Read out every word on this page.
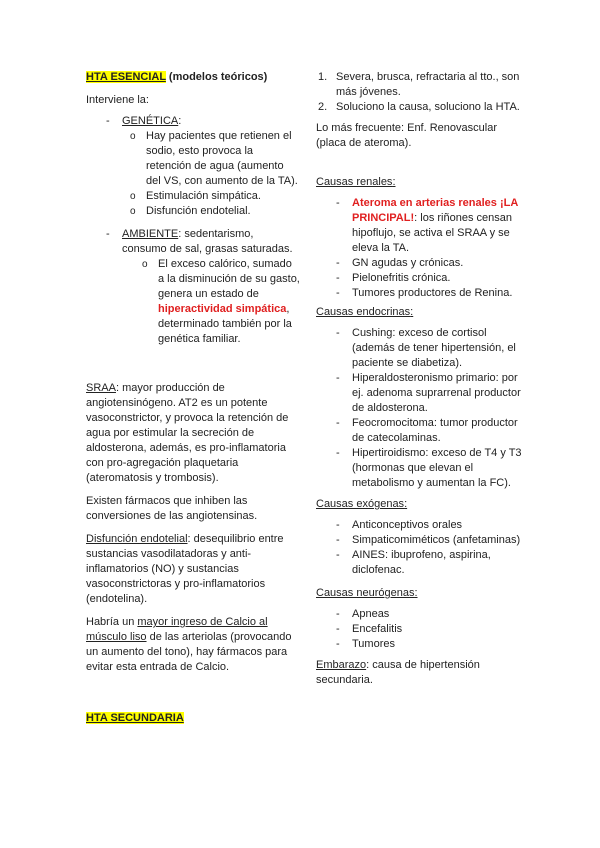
HTA ESENCIAL (modelos teóricos)

Interviene la:

- GENÉTICA:
o Hay pacientes que retienen el sodio, esto provoca la retención de agua (aumento del VS, con aumento de la TA).
o Estimulación simpática.
o Disfunción endotelial.
- AMBIENTE: sedentarismo, consumo de sal, grasas saturadas.
o El exceso calórico, sumado a la disminución de su gasto, genera un estado de hiperactividad simpática, determinado también por la genética familiar.

SRAA: mayor producción de angiotensinógeno. AT2 es un potente vasoconstrictor, y provoca la retención de agua por estimular la secreción de aldosterona, además, es pro-inflamatoria con pro-agregación plaquetaria (ateromatosis y trombosis).

Existen fármacos que inhiben las conversiones de las angiotensinas.

Disfunción endotelial: desequilibrio entre sustancias vasodilatadoras y anti-inflamatorios (NO) y sustancias vasoconstrictoras y pro-inflamatorios (endotelina).

Habría un mayor ingreso de Calcio al músculo liso de las arteriolas (provocando un aumento del tono), hay fármacos para evitar esta entrada de Calcio.

HTA SECUNDARIA

1. Severa, brusca, refractaria al tto., son más jóvenes.
2. Soluciono la causa, soluciono la HTA.

Lo más frecuente: Enf. Renovascular (placa de ateroma).

Causas renales:

- Ateroma en arterias renales ¡LA PRINCIPAL!: los riñones censan hipoflujo, se activa el SRAA y se eleva la TA.
- GN agudas y crónicas.
- Pielonefritis crónica.
- Tumores productores de Renina.

Causas endocrinas:

- Cushing: exceso de cortisol (además de tener hipertensión, el paciente se diabetiza).
- Hiperaldosteronismo primario: por ej. adenoma suprarrenal productor de aldosterona.
- Feocromocitoma: tumor productor de catecolaminas.
- Hipertiroidismo: exceso de T4 y T3 (hormonas que elevan el metabolismo y aumentan la FC).

Causas exógenas:

- Anticonceptivos orales
- Simpaticomiméticos (anfetaminas)
- AINES: ibuprofeno, aspirina, diclofenac.

Causas neurógenas:

- Apneas
- Encefalitis
- Tumores

Embarazo: causa de hipertensión secundaria.
